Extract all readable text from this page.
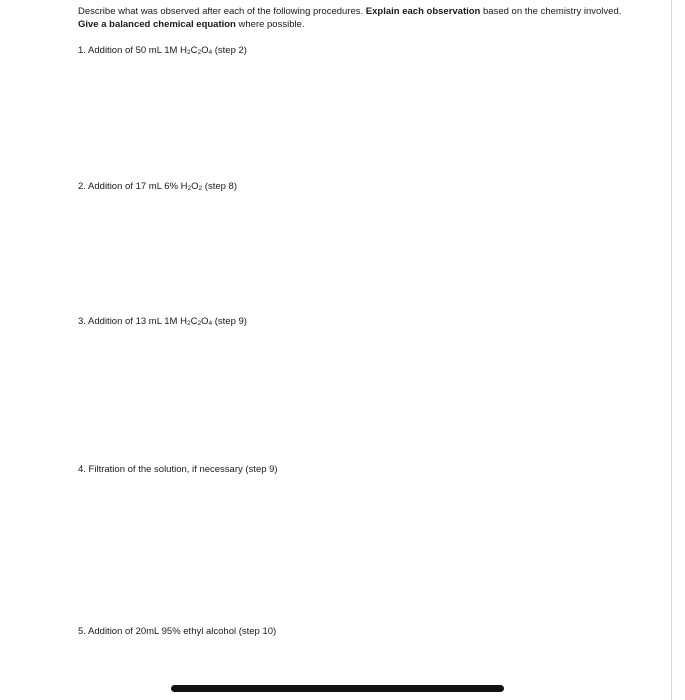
Describe what was observed after each of the following procedures. Explain each observation based on the chemistry involved. Give a balanced chemical equation where possible.
1. Addition of 50 mL 1M $H_2C_2O_4$ (step 2)
2. Addition of 17 mL 6% $H_2O_2$ (step 8)
3. Addition of 13 mL 1M $H_2C_2O_4$ (step 9)
4. Filtration of the solution, if necessary (step 9)
5. Addition of 20mL 95% ethyl alcohol (step 10)
